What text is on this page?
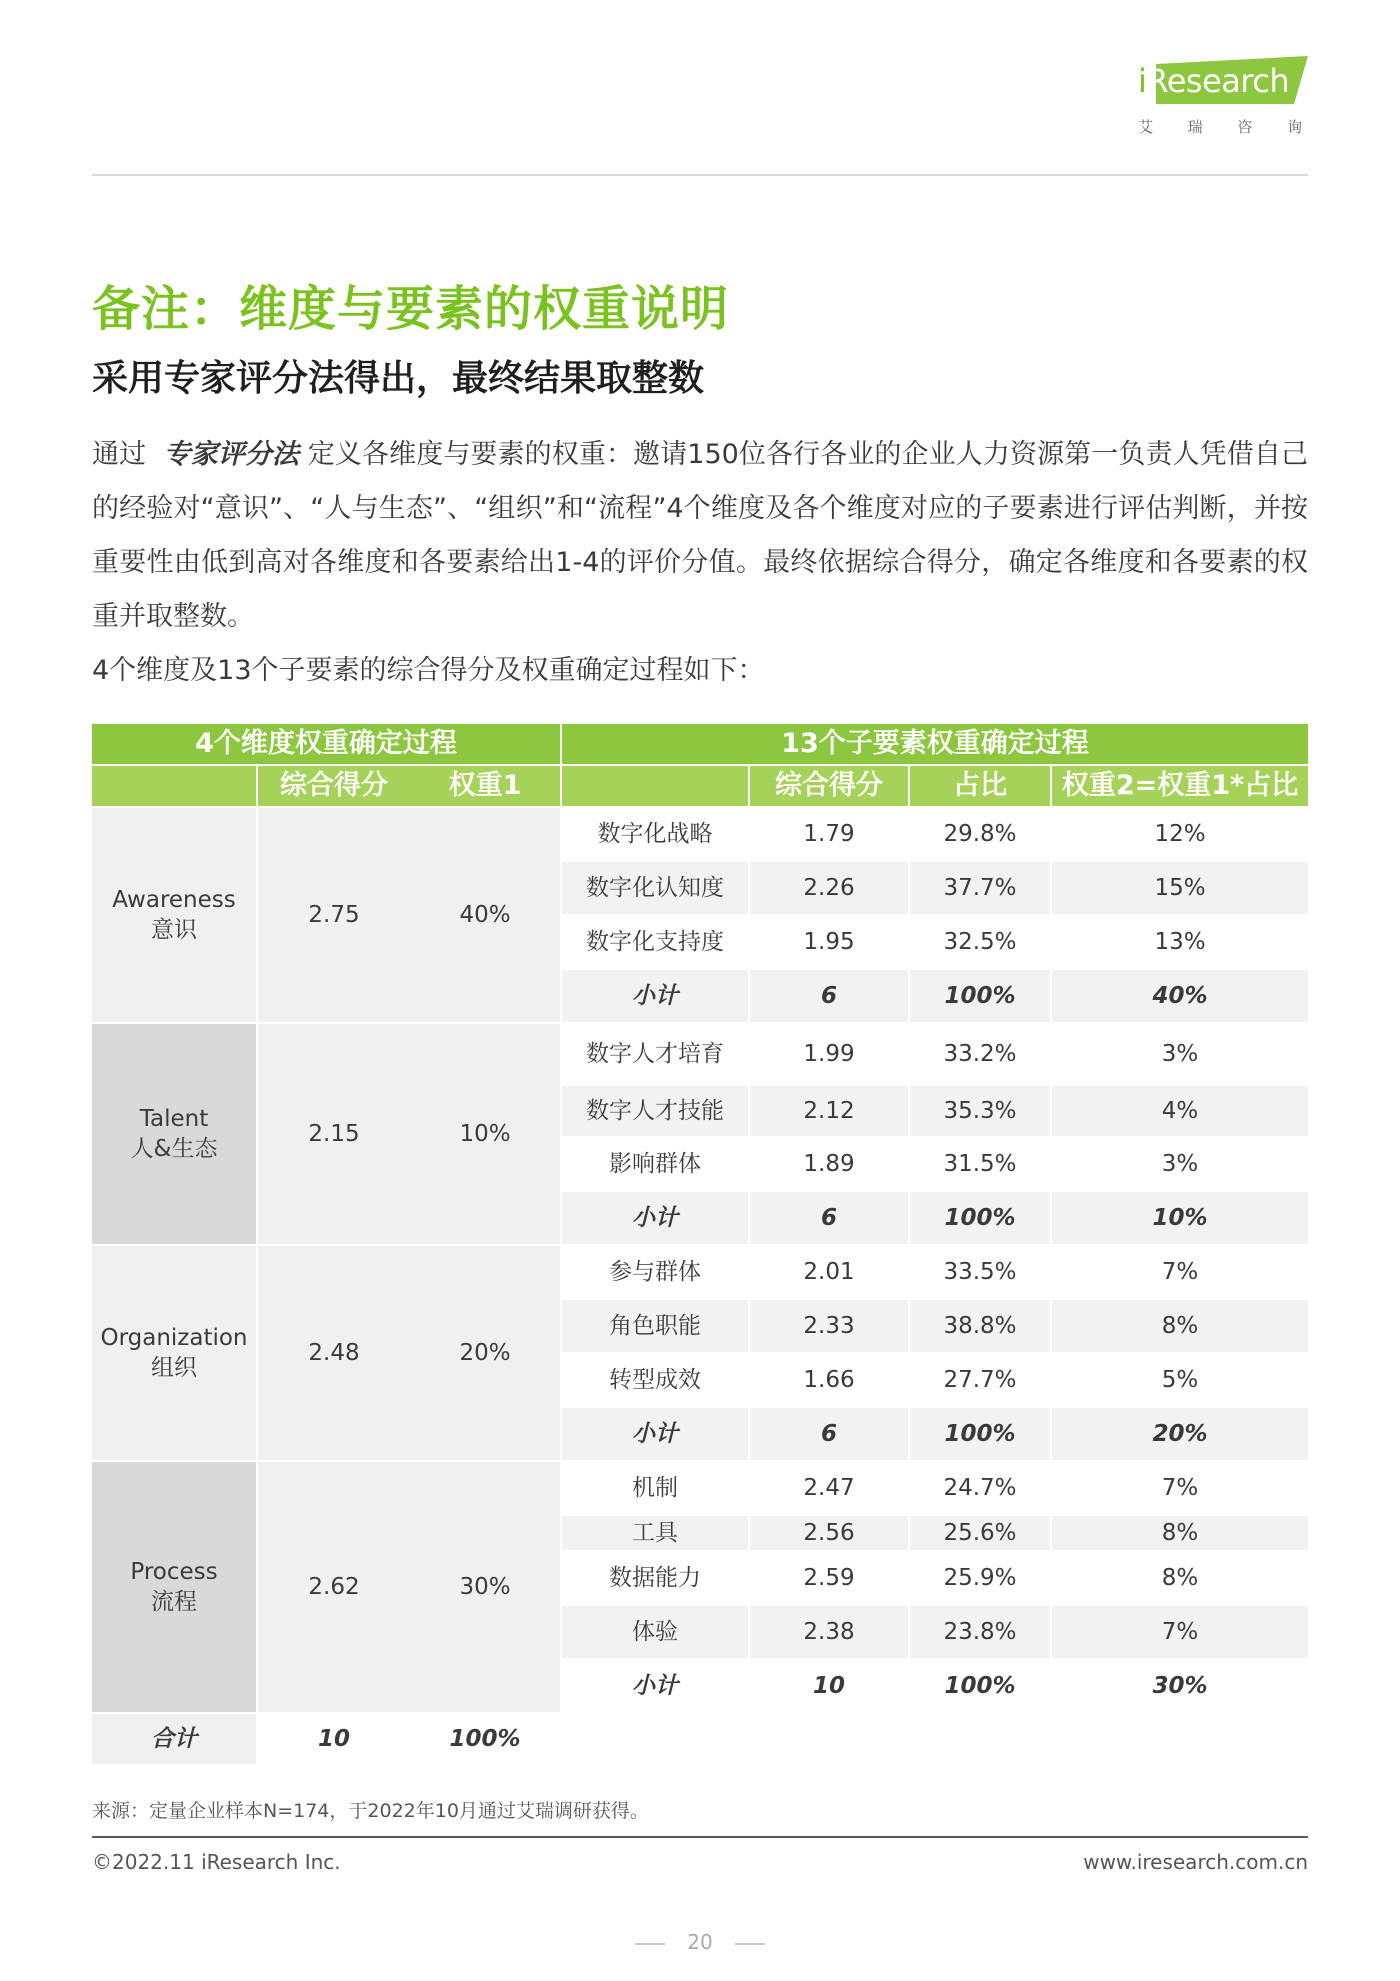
iResearch
艾 瑞 咨 询
备注：维度与要素的权重说明
采用专家评分法得出，最终结果取整数
通过 专家评分法 定义各维度与要素的权重：邀请150位各行各业的企业人力资源第一负责人凭借自己的经验对“意识”、“人与生态”、“组织”和“流程”4个维度及各个维度对应的子要素进行评估判断，并按重要性由低到高对各维度和各要素给出1-4的评价分值。最终依据综合得分，确定各维度和各要素的权重并取整数。
4个维度及13个子要素的综合得分及权重确定过程如下：
4个维度权重确定过程	13个子要素权重确定过程
综合得分	权重1	综合得分	占比	权重2=权重1*占比
Awareness
意识
2.75	40%
数字化战略	1.79	29.8%	12%
数字化认知度	2.26	37.7%	15%
数字化支持度	1.95	32.5%	13%
小计	6	100%	40%
Talent
人&生态
2.15	10%
数字人才培育	1.99	33.2%	3%
数字人才技能	2.12	35.3%	4%
影响群体	1.89	31.5%	3%
小计	6	100%	10%
Organization
组织
2.48	20%
参与群体	2.01	33.5%	7%
角色职能	2.33	38.8%	8%
转型成效	1.66	27.7%	5%
小计	6	100%	20%
Process
流程
2.62	30%
机制	2.47	24.7%	7%
工具	2.56	25.6%	8%
数据能力	2.59	25.9%	8%
体验	2.38	23.8%	7%
小计	10	100%	30%
合计	10	100%
来源：定量企业样本N=174，于2022年10月通过艾瑞调研获得。
©2022.11 iResearch Inc.	www.iresearch.com.cn
20
